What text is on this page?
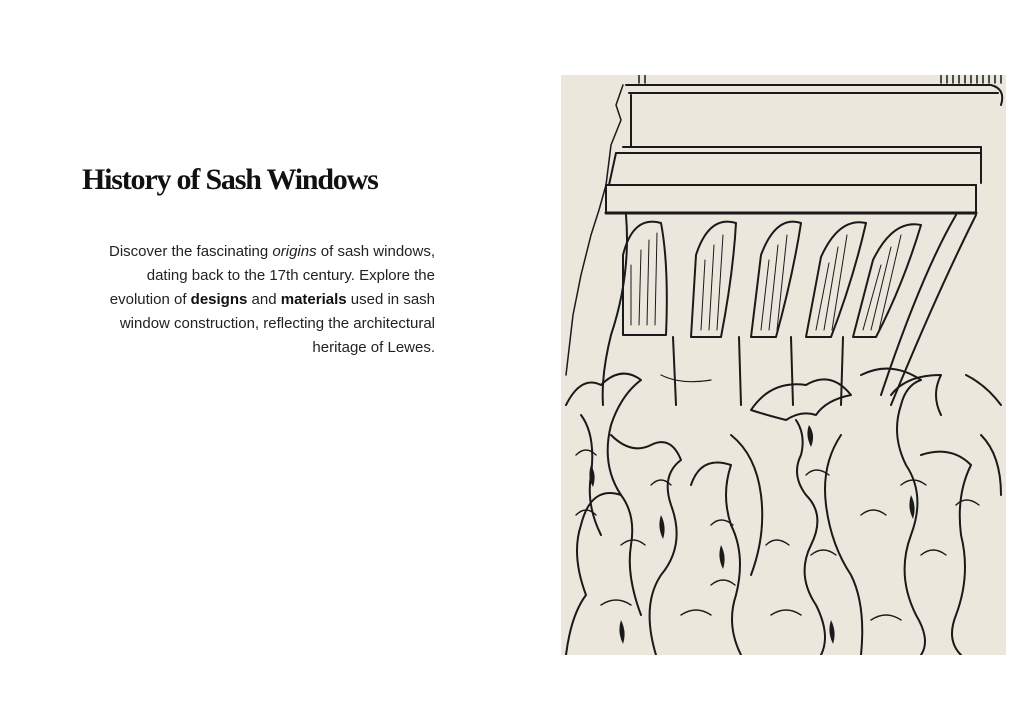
History of Sash Windows

Discover the fascinating origins of sash windows, dating back to the 17th century. Explore the evolution of designs and materials used in sash window construction, reflecting the architectural heritage of Lewes.
